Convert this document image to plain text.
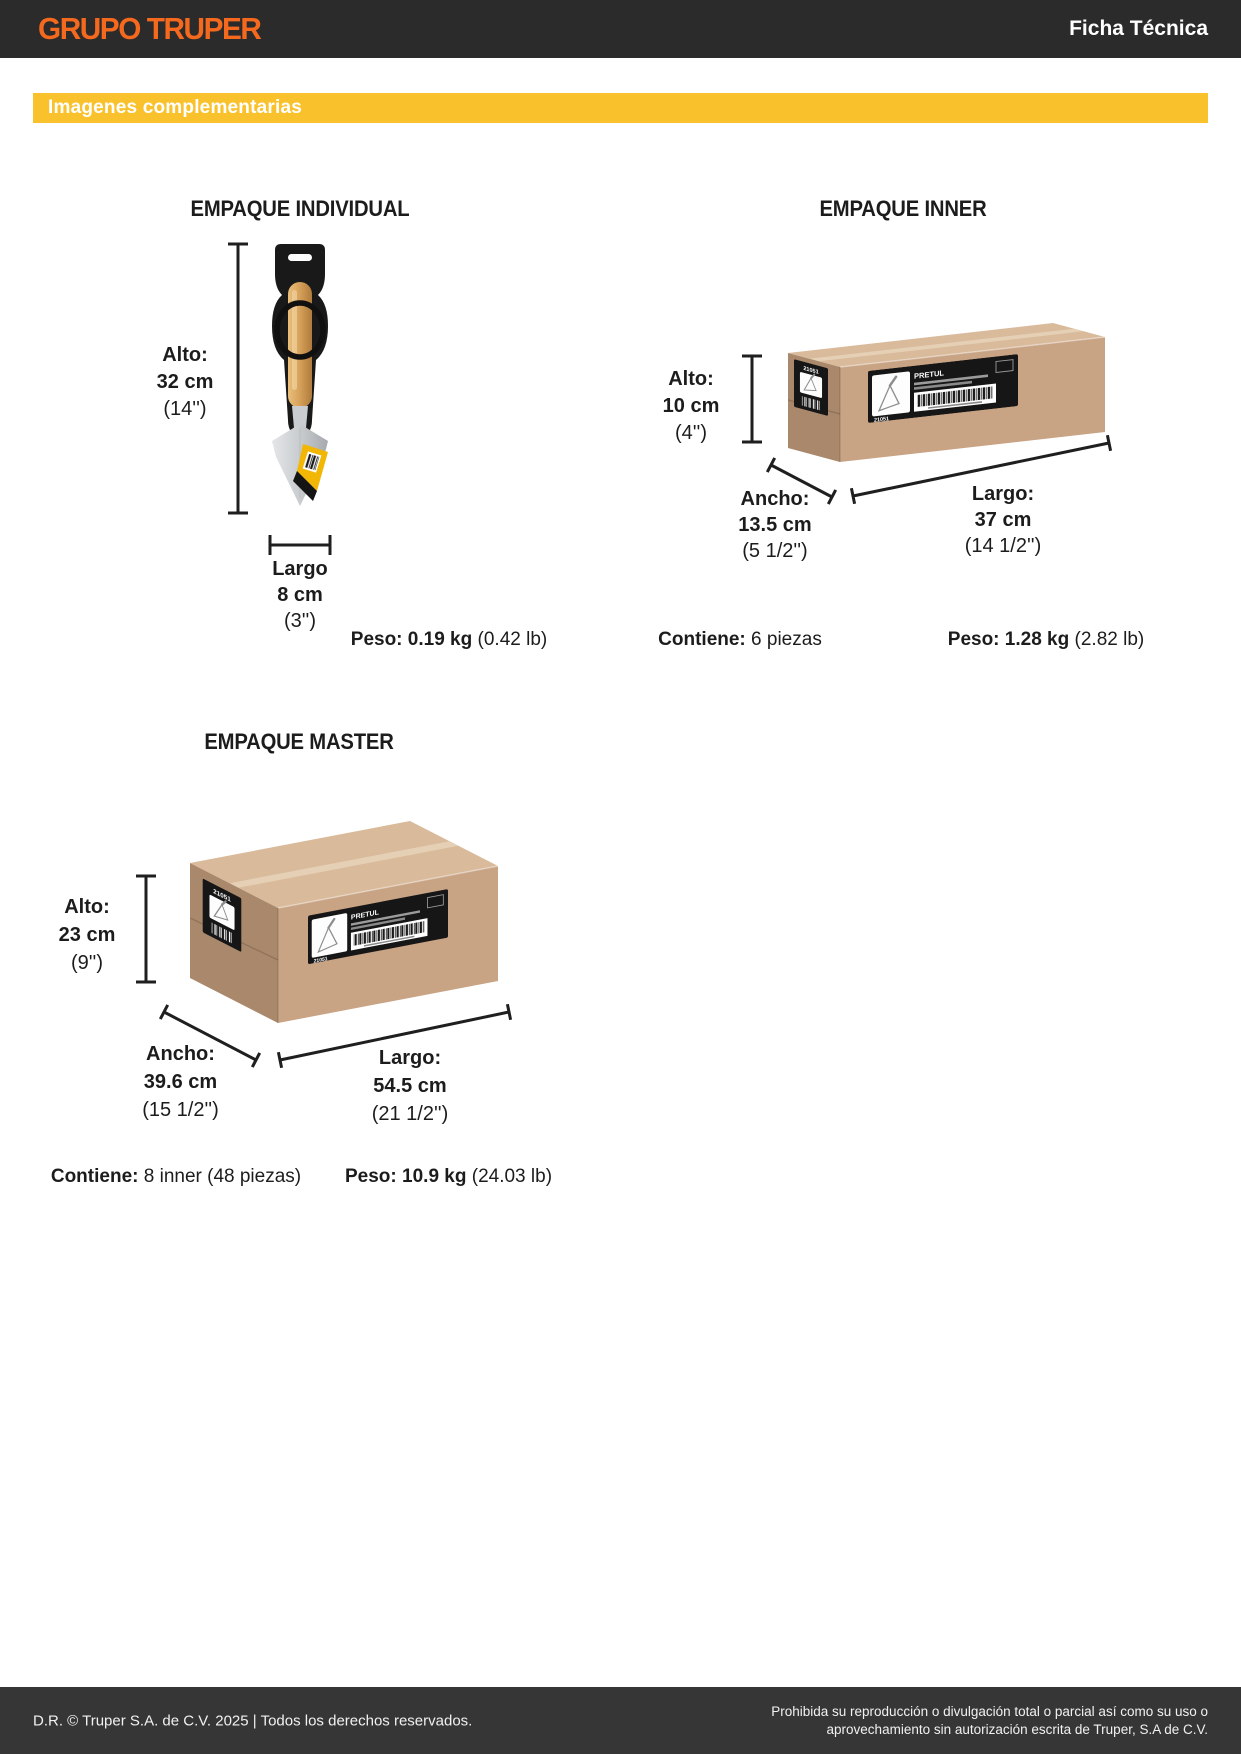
GRUPO TRUPER	Ficha Técnica
Imagenes complementarias
EMPAQUE INDIVIDUAL
Alto:
32 cm
(14'')
Largo
8 cm
(3'')
Peso: 0.19 kg (0.42 lb)
EMPAQUE INNER
Alto:
10 cm
(4'')
Ancho:
13.5 cm
(5 1/2'')
Largo:
37 cm
(14 1/2'')
Contiene: 6 piezas	Peso: 1.28 kg (2.82 lb)
EMPAQUE MASTER
Alto:
23 cm
(9'')
Ancho:
39.6 cm
(15 1/2'')
Largo:
54.5 cm
(21 1/2'')
Contiene: 8 inner (48 piezas) Peso: 10.9 kg (24.03 lb)
D.R. © Truper S.A. de C.V. 2025 | Todos los derechos reservados.
Prohibida su reproducción o divulgación total o parcial así como su uso o
aprovechamiento sin autorización escrita de Truper, S.A de C.V.
